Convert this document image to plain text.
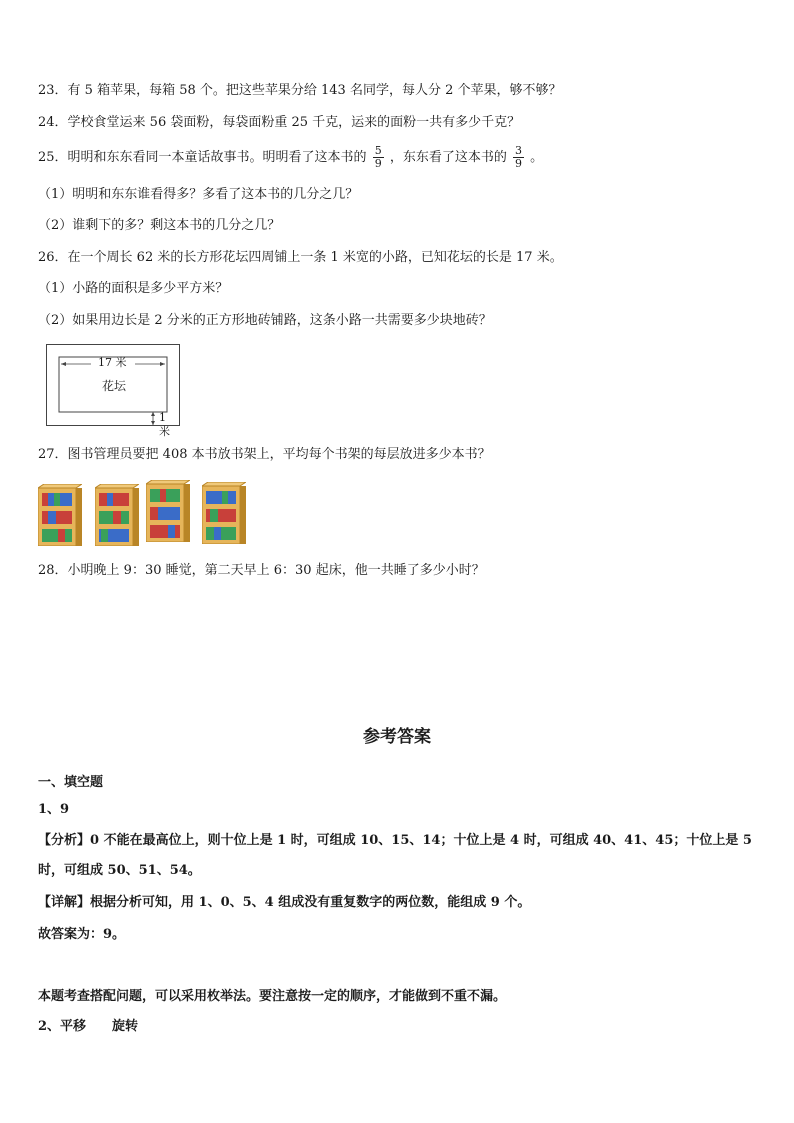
23．有 5 箱苹果，每箱 58 个。把这些苹果分给 143 名同学，每人分 2 个苹果，够不够？
24．学校食堂运来 56 袋面粉，每袋面粉重 25 千克，运来的面粉一共有多少千克？
25．明明和东东看同一本童话故事书。明明看了这本书的 $\frac{5}{9}$ ，东东看了这本书的 $\frac{3}{9}$ 。
（1）明明和东东谁看得多？多看了这本书的几分之几？
（2）谁剩下的多？剩这本书的几分之几？
26．在一个周长 62 米的长方形花坛四周铺上一条 1 米宽的小路，已知花坛的长是 17 米。
（1）小路的面积是多少平方米？
（2）如果用边长是 2 分米的正方形地砖铺路，这条小路一共需要多少块地砖？
17 米
花坛
1 米
27．图书管理员要把 408 本书放书架上，平均每个书架的每层放进多少本书？
28．小明晚上 9：30 睡觉，第二天早上 6：30 起床，他一共睡了多少小时？
参考答案
一、填空题
1、9
【分析】0 不能在最高位上，则十位上是 1 时，可组成 10、15、14；十位上是 4 时，可组成 40、41、45；十位上是 5
时，可组成 50、51、54。
【详解】根据分析可知，用 1、0、5、4 组成没有重复数字的两位数，能组成 9 个。
故答案为：9。
本题考查搭配问题，可以采用枚举法。要注意按一定的顺序，才能做到不重不漏。
2、平移　　旋转
